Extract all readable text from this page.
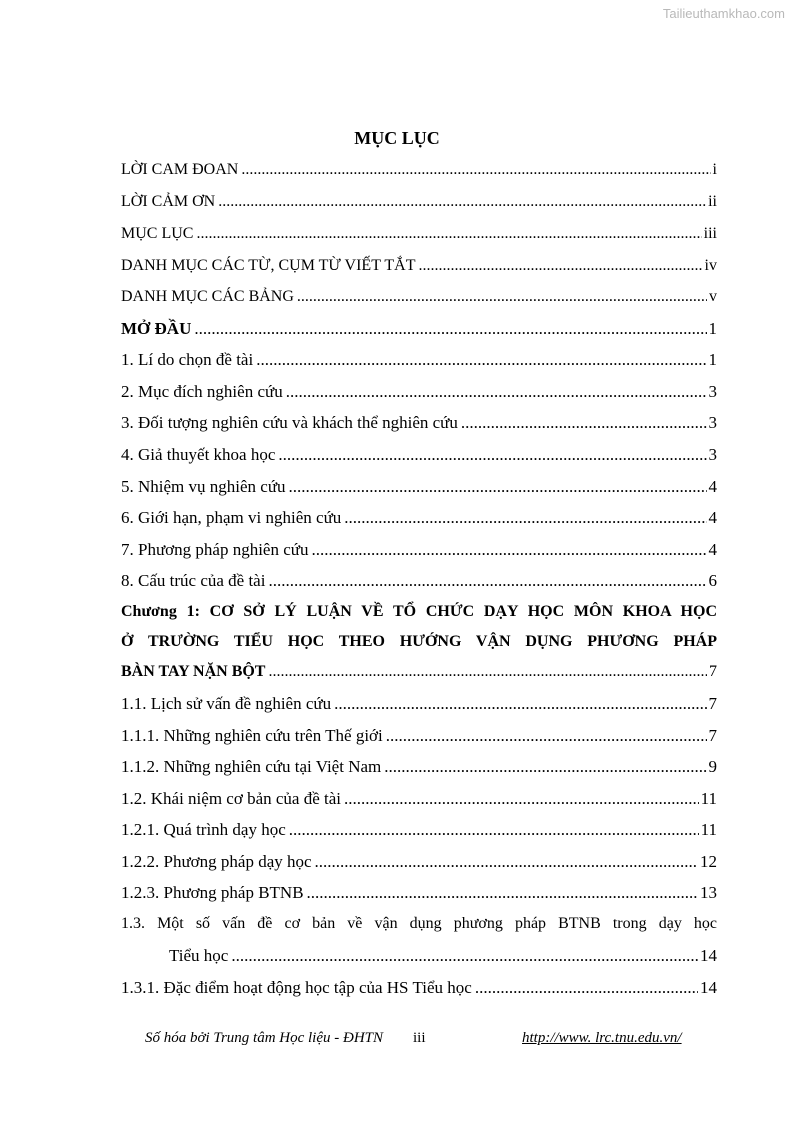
Tailieuthamkhao.com
MỤC LỤC
LỜI CAM ĐOAN .....	i
LỜI CẢM ƠN .....	ii
MỤC LỤC .....	iii
DANH MỤC CÁC TỪ, CỤM TỪ VIẾT TẮT .....	iv
DANH MỤC CÁC BẢNG .....	v
MỞ ĐẦU .....	1
1. Lí do chọn đề tài .....	1
2. Mục đích nghiên cứu .....	3
3. Đối tượng nghiên cứu và khách thể nghiên cứu .....	3
4. Giả thuyết khoa học .....	3
5. Nhiệm vụ nghiên cứu .....	4
6. Giới hạn, phạm vi nghiên cứu .....	4
7. Phương pháp nghiên cứu .....	4
8. Cấu trúc của đề tài .....	6
Chương 1: CƠ SỞ LÝ LUẬN VỀ TỔ CHỨC DẠY HỌC MÔN KHOA HỌC
Ở TRƯỜNG TIỂU HỌC THEO HƯỚNG VẬN DỤNG PHƯƠNG PHÁP
BÀN TAY NẶN BỘT .....	7
1.1. Lịch sử vấn đề nghiên cứu .....	7
1.1.1. Những nghiên cứu trên Thế giới .....	7
1.1.2. Những nghiên cứu tại Việt Nam .....	9
1.2. Khái niệm cơ bản của đề tài .....	11
1.2.1. Quá trình dạy học .....	11
1.2.2. Phương pháp dạy học .....	12
1.2.3. Phương pháp BTNB .....	13
1.3. Một số vấn đề cơ bản về vận dụng phương pháp BTNB trong dạy học
Tiểu học .....	14
1.3.1. Đặc điểm hoạt động học tập của HS Tiểu học .....	14
Số hóa bởi Trung tâm Học liệu - ĐHTN iii	http://www. lrc.tnu.edu.vn/
